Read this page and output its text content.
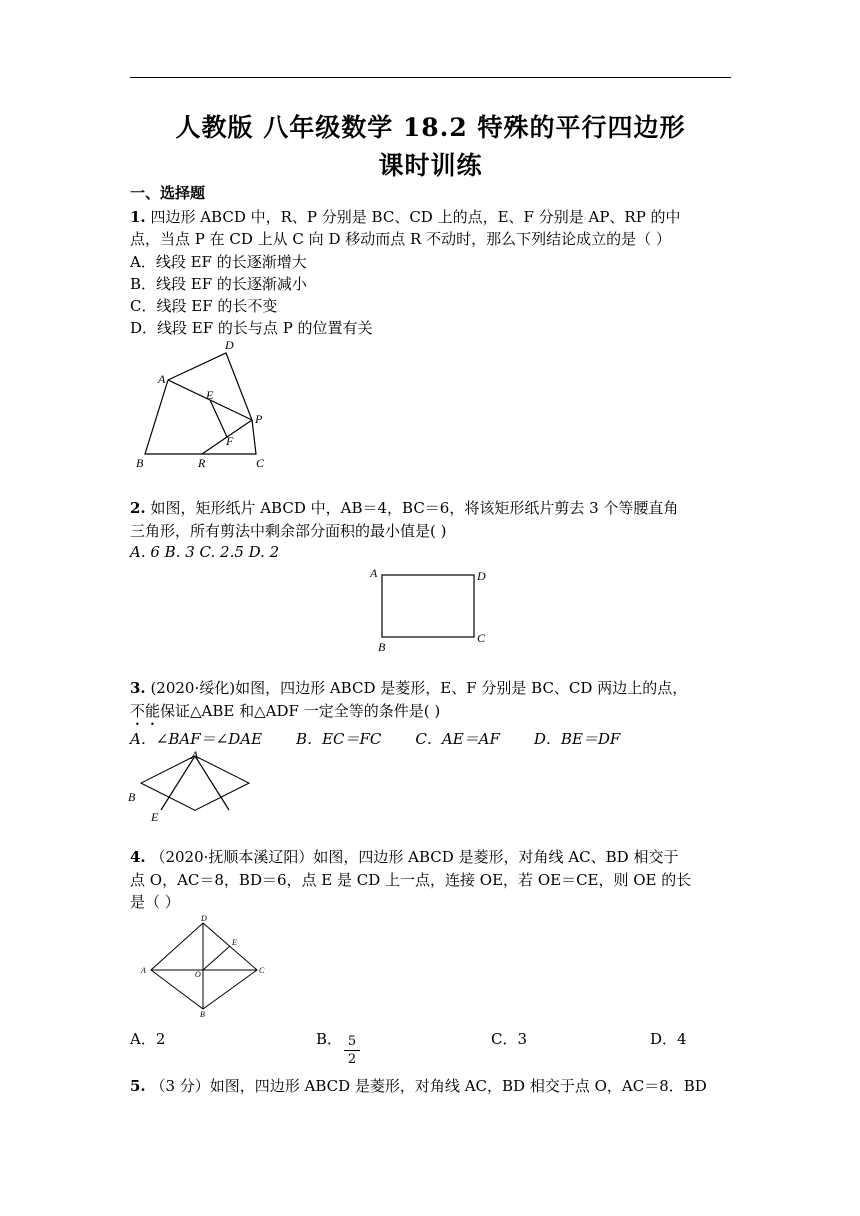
人教版 八年级数学 18.2 特殊的平行四边形
课时训练
一、选择题
1. 四边形 ABCD 中，R、P 分别是 BC、CD 上的点，E、F 分别是 AP、RP 的中
点，当点 P 在 CD 上从 C 向 D 移动而点 R 不动时，那么下列结论成立的是（ ）
A．线段 EF 的长逐渐增大
B．线段 EF 的长逐渐减小
C．线段 EF 的长不变
D．线段 EF 的长与点 P 的位置有关
D
A
E
P
F
B	R	C
2. 如图，矩形纸片 ABCD 中，AB＝4，BC＝6，将该矩形纸片剪去 3 个等腰直角
三角形，所有剪法中剩余部分面积的最小值是( )
A. 6 B. 3 C. 2.5 D. 2
A	D
B
C
3. (2020·绥化)如图，四边形 ABCD 是菱形，E、F 分别是 BC、CD 两边上的点，
不能保证△ABE 和△ADF 一定全等的条件是( )
A．∠BAF＝∠DAE B．EC＝FC C．AE＝AF D．BE＝DF
A
B
E
4. （2020·抚顺本溪辽阳）如图，四边形 ABCD 是菱形，对角线 AC、BD 相交于
点 O，AC＝8，BD＝6，点 E 是 CD 上一点，连接 OE，若 OE＝CE，则 OE 的长
是（ ）
D
E
A	O	C
B
A．2	B． 5
2
C．3	D．4
5. （3 分）如图，四边形 ABCD 是菱形，对角线 AC，BD 相交于点 O，AC＝8．BD
